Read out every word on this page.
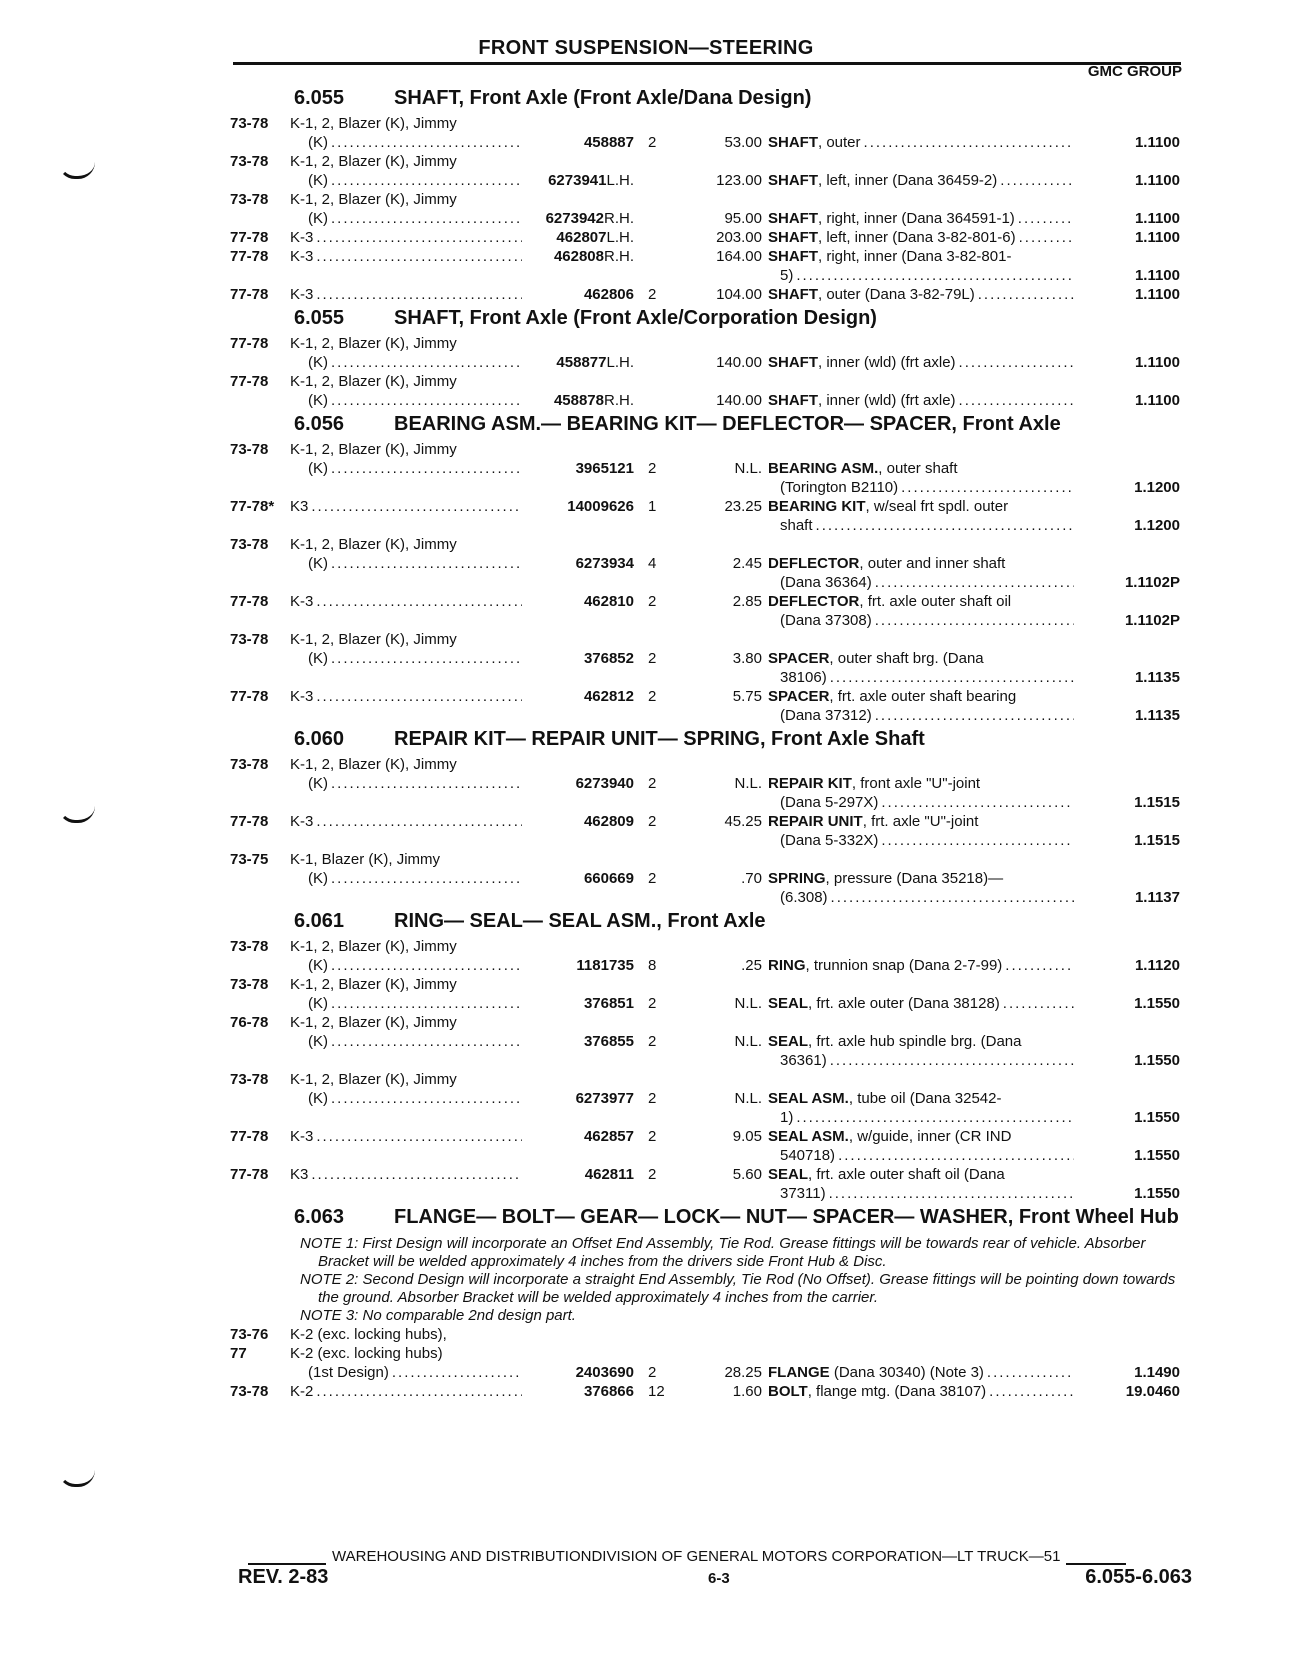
FRONT SUSPENSION—STEERING
GMC GROUP
6.055	SHAFT, Front Axle (Front Axle/Dana Design)
73-78	K-1, 2, Blazer (K), Jimmy
(K) .....	458887 2	53.00 SHAFT, outer .....	1.1100
73-78	K-1, 2, Blazer (K), Jimmy
(K) .....	6273941L.H.	123.00 SHAFT, left, inner (Dana 36459-2) .....	1.1100
73-78	K-1, 2, Blazer (K), Jimmy
(K) .....	6273942R.H.	95.00 SHAFT, right, inner (Dana 364591-1) .....	1.1100
77-78	K-3 .....	462807L.H.	203.00 SHAFT, left, inner (Dana 3-82-801-6) .....	1.1100
77-78	K-3 .....	462808R.H.	164.00 SHAFT, right, inner (Dana 3-82-801-
5) .....	1.1100
77-78	K-3 .....	462806 2	104.00 SHAFT, outer (Dana 3-82-79L) .....	1.1100
6.055	SHAFT, Front Axle (Front Axle/Corporation Design)
77-78	K-1, 2, Blazer (K), Jimmy
(K) .....	458877L.H.	140.00 SHAFT, inner (wld) (frt axle) .....	1.1100
77-78	K-1, 2, Blazer (K), Jimmy
(K) .....	458878R.H.	140.00 SHAFT, inner (wld) (frt axle) .....	1.1100
6.056	BEARING ASM.— BEARING KIT— DEFLECTOR— SPACER, Front Axle
73-78	K-1, 2, Blazer (K), Jimmy
(K) .....	3965121 2	N.L. BEARING ASM., outer shaft
(Torington B2110) .....	1.1200
77-78*	K3 .....	14009626 1	23.25 BEARING KIT, w/seal frt spdl. outer
shaft .....	1.1200
73-78	K-1, 2, Blazer (K), Jimmy
(K) .....	6273934 4	2.45 DEFLECTOR, outer and inner shaft
(Dana 36364) .....	1.1102P
77-78	K-3 .....	462810 2	2.85 DEFLECTOR, frt. axle outer shaft oil
(Dana 37308) .....	1.1102P
73-78	K-1, 2, Blazer (K), Jimmy
(K) .....	376852 2	3.80 SPACER, outer shaft brg. (Dana
38106) .....	1.1135
77-78	K-3 .....	462812 2	5.75 SPACER, frt. axle outer shaft bearing
(Dana 37312) .....	1.1135
6.060	REPAIR KIT— REPAIR UNIT— SPRING, Front Axle Shaft
73-78	K-1, 2, Blazer (K), Jimmy
(K) .....	6273940 2	N.L. REPAIR KIT, front axle "U"-joint
(Dana 5-297X) .....	1.1515
77-78	K-3 .....	462809 2	45.25 REPAIR UNIT, frt. axle "U"-joint
(Dana 5-332X) .....	1.1515
73-75	K-1, Blazer (K), Jimmy
(K) .....	660669 2	.70 SPRING, pressure (Dana 35218)—
(6.308) .....	1.1137
6.061	RING— SEAL— SEAL ASM., Front Axle
73-78	K-1, 2, Blazer (K), Jimmy
(K) .....	1181735 8	.25 RING, trunnion snap (Dana 2-7-99) .....	1.1120
73-78	K-1, 2, Blazer (K), Jimmy
(K) .....	376851 2	N.L. SEAL, frt. axle outer (Dana 38128) .....	1.1550
76-78	K-1, 2, Blazer (K), Jimmy
(K) .....	376855 2	N.L. SEAL, frt. axle hub spindle brg. (Dana
36361) .....	1.1550
73-78	K-1, 2, Blazer (K), Jimmy
(K) .....	6273977 2	N.L. SEAL ASM., tube oil (Dana 32542-
1) .....	1.1550
77-78	K-3 .....	462857 2	9.05 SEAL ASM., w/guide, inner (CR IND
540718) .....	1.1550
77-78	K3 .....	462811 2	5.60 SEAL, frt. axle outer shaft oil (Dana
37311) .....	1.1550
6.063	FLANGE— BOLT— GEAR— LOCK— NUT— SPACER— WASHER, Front Wheel Hub
NOTE 1: First Design will incorporate an Offset End Assembly, Tie Rod. Grease fittings will be towards rear of vehicle. Absorber Bracket will be welded approximately 4 inches from the drivers side Front Hub & Disc.
NOTE 2: Second Design will incorporate a straight End Assembly, Tie Rod (No Offset). Grease fittings will be pointing down towards the ground. Absorber Bracket will be welded approximately 4 inches from the carrier.
NOTE 3: No comparable 2nd design part.
73-76	K-2 (exc. locking hubs),
77	K-2 (exc. locking hubs)
(1st Design) .....	2403690 2	28.25 FLANGE (Dana 30340) (Note 3) .....	1.1490
73-78	K-2 .....	376866 12	1.60 BOLT, flange mtg. (Dana 38107) .....	19.0460
WAREHOUSING AND DISTRIBUTIONDIVISION OF GENERAL MOTORS CORPORATION—LT TRUCK—51
REV. 2-83	6-3	6.055-6.063
